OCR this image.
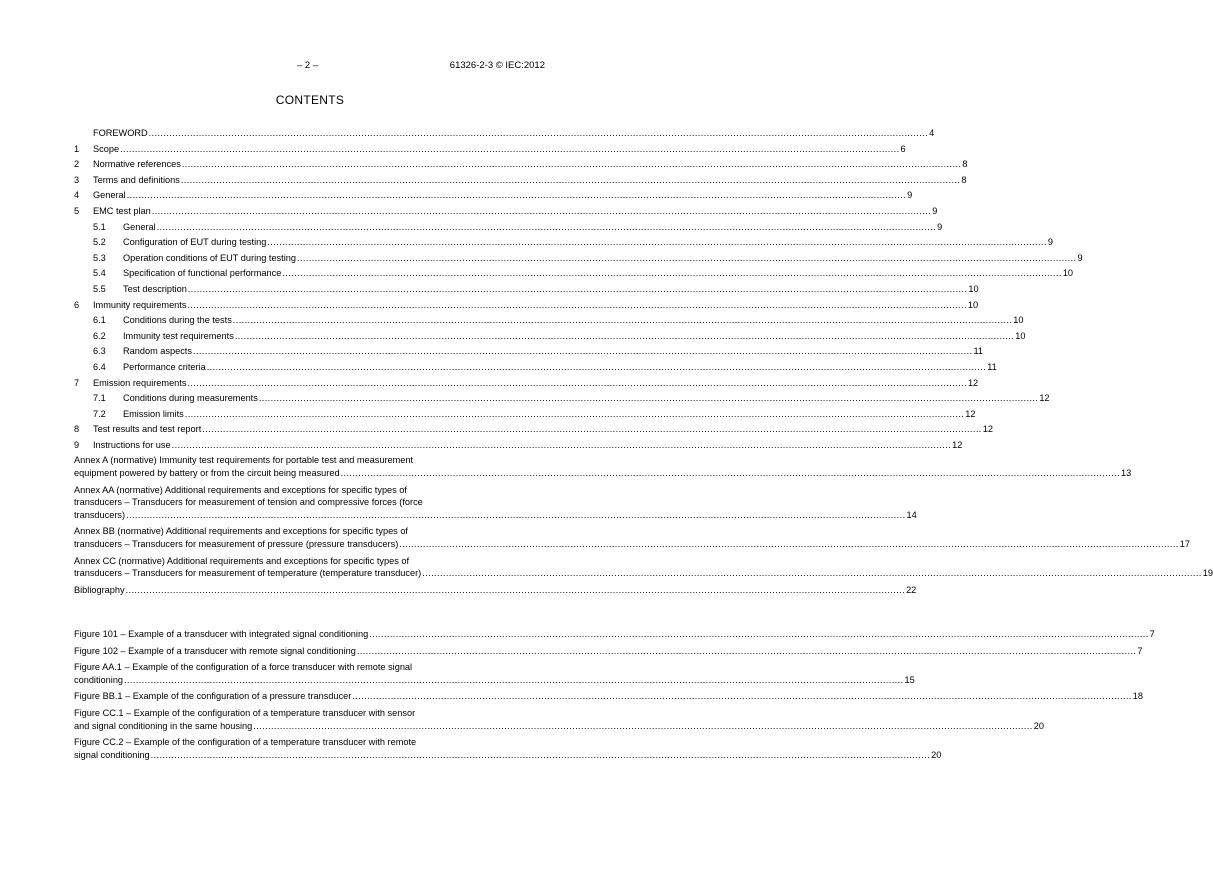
– 2 –	61326-2-3 © IEC:2012
CONTENTS
FOREWORD .....	4
1	Scope .....	6
2	Normative references .....	8
3	Terms and definitions .....	8
4	General .....	9
5	EMC test plan .....	9
5.1	General .....	9
5.2	Configuration of EUT during testing .....	9
5.3	Operation conditions of EUT during testing .....	9
5.4	Specification of functional performance .....	10
5.5	Test description .....	10
6	Immunity requirements .....	10
6.1	Conditions during the tests .....	10
6.2	Immunity test requirements .....	10
6.3	Random aspects .....	11
6.4	Performance criteria .....	11
7	Emission requirements .....	12
7.1	Conditions during measurements .....	12
7.2	Emission limits .....	12
8	Test results and test report .....	12
9	Instructions for use .....	12
Annex A (normative) Immunity test requirements for portable test and measurement
equipment powered by battery or from the circuit being measured .....	13
Annex AA (normative) Additional requirements and exceptions for specific types of
transducers – Transducers for measurement of tension and compressive forces (force
transducers) .....	14
Annex BB (normative) Additional requirements and exceptions for specific types of
transducers – Transducers for measurement of pressure (pressure transducers) .....	17
Annex CC (normative) Additional requirements and exceptions for specific types of
transducers – Transducers for measurement of temperature (temperature transducer) .....	19
Bibliography .....	22
Figure 101 – Example of a transducer with integrated signal conditioning .....	7
Figure 102 – Example of a transducer with remote signal conditioning .....	7
Figure AA.1 – Example of the configuration of a force transducer with remote signal
conditioning .....	15
Figure BB.1 – Example of the configuration of a pressure transducer .....	18
Figure CC.1 – Example of the configuration of a temperature transducer with sensor
and signal conditioning in the same housing .....	20
Figure CC.2 – Example of the configuration of a temperature transducer with remote
signal conditioning .....	20
